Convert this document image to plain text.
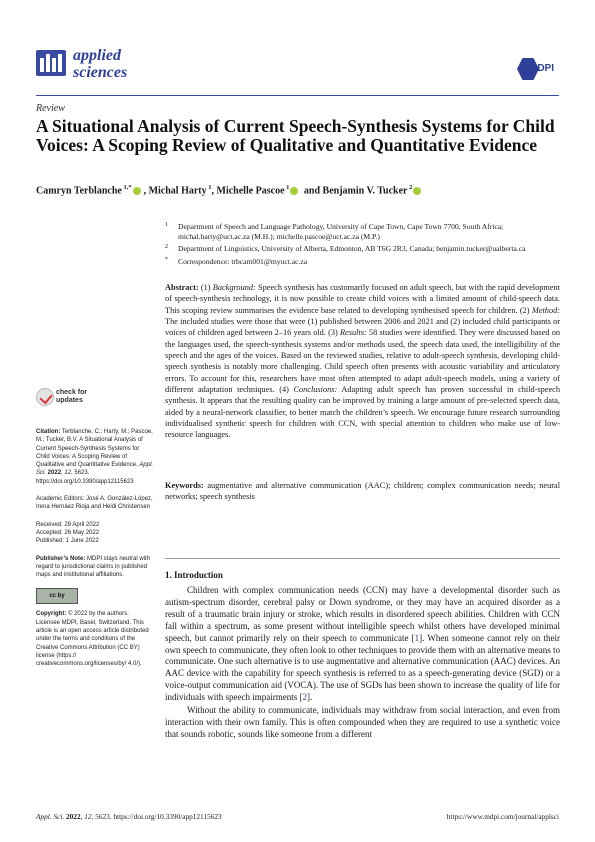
applied
sciences	MDPI
Review
A Situational Analysis of Current Speech-Synthesis Systems for Child Voices: A Scoping Review of Qualitative and Quantitative Evidence
Camryn Terblanche $^{1,*}$ , Michal Harty $^1$, Michelle Pascoe $^1$ and Benjamin V. Tucker $^2$
1 Department of Speech and Language Pathology, University of Cape Town, Cape Town 7700, South Africa; michal.harty@uct.ac.za (M.H.); michelle.pascoe@uct.ac.za (M.P.)
2 Department of Linguistics, University of Alberta, Edmonton, AB T6G 2R3, Canada; benjamin.tucker@ualberta.ca
* Correspondence: trbcam001@myuct.ac.za
Abstract: (1) Background: Speech synthesis has customarily focused on adult speech, but with the rapid development of speech-synthesis technology, it is now possible to create child voices with a limited amount of child-speech data. This scoping review summarises the evidence base related to developing synthesised speech for children. (2) Method: The included studies were those that were (1) published between 2006 and 2021 and (2) included child participants or voices of children aged between 2–16 years old. (3) Results: 58 studies were identified. They were discussed based on the languages used, the speech-synthesis systems and/or methods used, the speech data used, the intelligibility of the speech and the ages of the voices. Based on the reviewed studies, relative to adult-speech synthesis, developing child-speech synthesis is notably more challenging. Child speech often presents with acoustic variability and articulatory errors. To account for this, researchers have most often attempted to adapt adult-speech models, using a variety of different adaptation techniques. (4) Conclusions: Adapting adult speech has proven successful in child-speech synthesis. It appears that the resulting quality can be improved by training a large amount of pre-selected speech data, aided by a neural-network classifier, to better match the children’s speech. We encourage future research surrounding individualised synthetic speech for children with CCN, with special attention to children who make use of low-resource languages.
Keywords: augmentative and alternative communication (AAC); children; complex communication needs; neural networks; speech synthesis
1. Introduction

Children with complex communication needs (CCN) may have a developmental disorder such as autism-spectrum disorder, cerebral palsy or Down syndrome, or they may have an acquired disorder as a result of a traumatic brain injury or stroke, which results in disordered speech abilities. Children with CCN fall within a spectrum, as some present without intelligible speech whilst others have developed minimal speech, but cannot primarily rely on their speech to communicate [1]. When someone cannot rely on their own speech to communicate, they often look to other techniques to provide them with an alternative means to communicate. One such alternative is to use augmentative and alternative communication (AAC) devices. An AAC device with the capability for speech synthesis is referred to as a speech-generating device (SGD) or a voice-output communication aid (VOCA). The use of SGDs has been shown to increase the quality of life for individuals with speech impairments [2].

Without the ability to communicate, individuals may withdraw from social interaction, and even from interaction with their own family. This is often compounded when they are required to use a synthetic voice that sounds robotic, sounds like someone from a different

check for
updates
Citation: Terblanche, C.; Harty, M.; Pascoe, M.; Tucker, B.V. A Situational Analysis of Current Speech-Synthesis Systems for Child Voices: A Scoping Review of Qualitative and Quantitative Evidence. Appl. Sci. 2022, 12, 5623. https://doi.org/10.3390/app12115623
Academic Editors: José A. González-López, Irena Hernáez Rioja and Heidi Christensen
Received: 29 April 2022
Accepted: 26 May 2022
Published: 1 June 2022
Publisher’s Note: MDPI stays neutral with regard to jurisdictional claims in published maps and institutional affiliations.
cc by
Copyright: © 2022 by the authors. Licensee MDPI, Basel, Switzerland. This article is an open access article distributed under the terms and conditions of the Creative Commons Attribution (CC BY) license (https:// creativecommons.org/licenses/by/ 4.0/).
Appl. Sci. 2022, 12, 5623. https://doi.org/10.3390/app12115623	https://www.mdpi.com/journal/applsci
